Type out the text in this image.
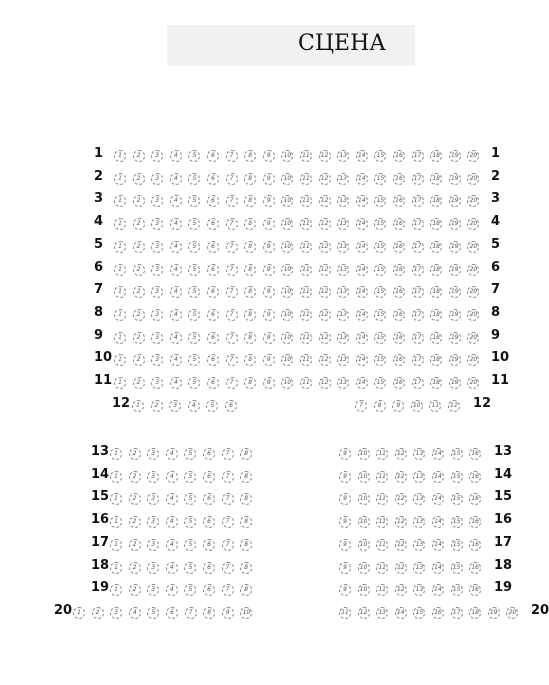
СЦЕНА
1	1
1	2	3	4	5	6	7	8	9	10	11	12	13	14	15	16	17	18	19	20
2	2
1	2	3	4	5	6	7	8	9	10	11	12	13	14	15	16	17	18	19	20
3	3
1	2	3	4	5	6	7	8	9	10	11	12	13	14	15	16	17	18	19	20
4	4
1	2	3	4	5	6	7	8	9	10	11	12	13	14	15	16	17	18	19	20
5	5
1	2	3	4	5	6	7	8	9	10	11	12	13	14	15	16	17	18	19	20
6	6
1	2	3	4	5	6	7	8	9	10	11	12	13	14	15	16	17	18	19	20
7	7
1	2	3	4	5	6	7	8	9	10	11	12	13	14	15	16	17	18	19	20
8	8
1	2	3	4	5	6	7	8	9	10	11	12	13	14	15	16	17	18	19	20
9	9
1	2	3	4	5	6	7	8	9	10	11	12	13	14	15	16	17	18	19	20
10	10
1	2	3	4	5	6	7	8	9	10	11	12	13	14	15	16	17	18	19	20
11	11
1	2	3	4	5	6	7	8	9	10	11	12	13	14	15	16	17	18	19	20
12	12
1	2	3	4	5	6	7	8	9	10	11	12
13	13
1	2	3	4	5	6	7	8	9	10	11	12	13	14	15	16
14	14
1	2	3	4	5	6	7	8	9	10	11	12	13	14	15	16
15	15
1	2	3	4	5	6	7	8	9	10	11	12	13	14	15	16
16	16
1	2	3	4	5	6	7	8	9	10	11	12	13	14	15	16
17	17
1	2	3	4	5	6	7	8	9	10	11	12	13	14	15	16
18	18
1	2	3	4	5	6	7	8	9	10	11	12	13	14	15	16
19	19
1	2	3	4	5	6	7	8	9	10	11	12	13	14	15	16
20	20
1	2	3	4	5	6	7	8	9	10	11	12	13	14	15	16	17	18	19	20
